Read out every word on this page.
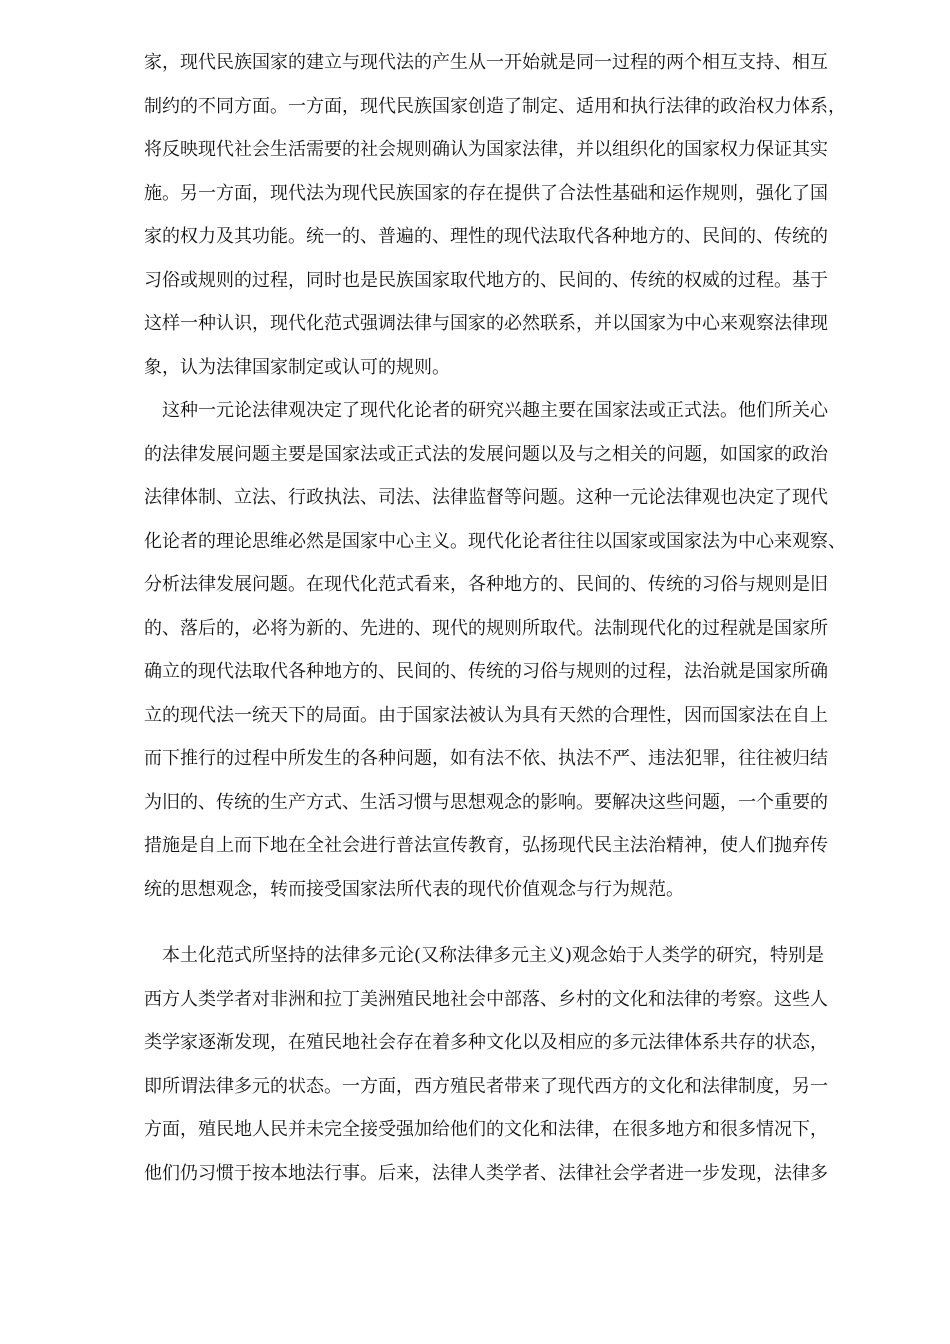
家，现代民族国家的建立与现代法的产生从一开始就是同一过程的两个相互支持、相互
制约的不同方面。一方面，现代民族国家创造了制定、适用和执行法律的政治权力体系，
将反映现代社会生活需要的社会规则确认为国家法律，并以组织化的国家权力保证其实
施。另一方面，现代法为现代民族国家的存在提供了合法性基础和运作规则，强化了国
家的权力及其功能。统一的、普遍的、理性的现代法取代各种地方的、民间的、传统的
习俗或规则的过程，同时也是民族国家取代地方的、民间的、传统的权威的过程。基于
这样一种认识，现代化范式强调法律与国家的必然联系，并以国家为中心来观察法律现
象，认为法律国家制定或认可的规则。
这种一元论法律观决定了现代化论者的研究兴趣主要在国家法或正式法。他们所关心
的法律发展问题主要是国家法或正式法的发展问题以及与之相关的问题，如国家的政治
法律体制、立法、行政执法、司法、法律监督等问题。这种一元论法律观也决定了现代
化论者的理论思维必然是国家中心主义。现代化论者往往以国家或国家法为中心来观察、
分析法律发展问题。在现代化范式看来，各种地方的、民间的、传统的习俗与规则是旧
的、落后的，必将为新的、先进的、现代的规则所取代。法制现代化的过程就是国家所
确立的现代法取代各种地方的、民间的、传统的习俗与规则的过程，法治就是国家所确
立的现代法一统天下的局面。由于国家法被认为具有天然的合理性，因而国家法在自上
而下推行的过程中所发生的各种问题，如有法不依、执法不严、违法犯罪，往往被归结
为旧的、传统的生产方式、生活习惯与思想观念的影响。要解决这些问题，一个重要的
措施是自上而下地在全社会进行普法宣传教育，弘扬现代民主法治精神，使人们抛弃传
统的思想观念，转而接受国家法所代表的现代价值观念与行为规范。
本土化范式所坚持的法律多元论(又称法律多元主义)观念始于人类学的研究，特别是
西方人类学者对非洲和拉丁美洲殖民地社会中部落、乡村的文化和法律的考察。这些人
类学家逐渐发现，在殖民地社会存在着多种文化以及相应的多元法律体系共存的状态，
即所谓法律多元的状态。一方面，西方殖民者带来了现代西方的文化和法律制度，另一
方面，殖民地人民并未完全接受强加给他们的文化和法律，在很多地方和很多情况下，
他们仍习惯于按本地法行事。后来，法律人类学者、法律社会学者进一步发现，法律多
